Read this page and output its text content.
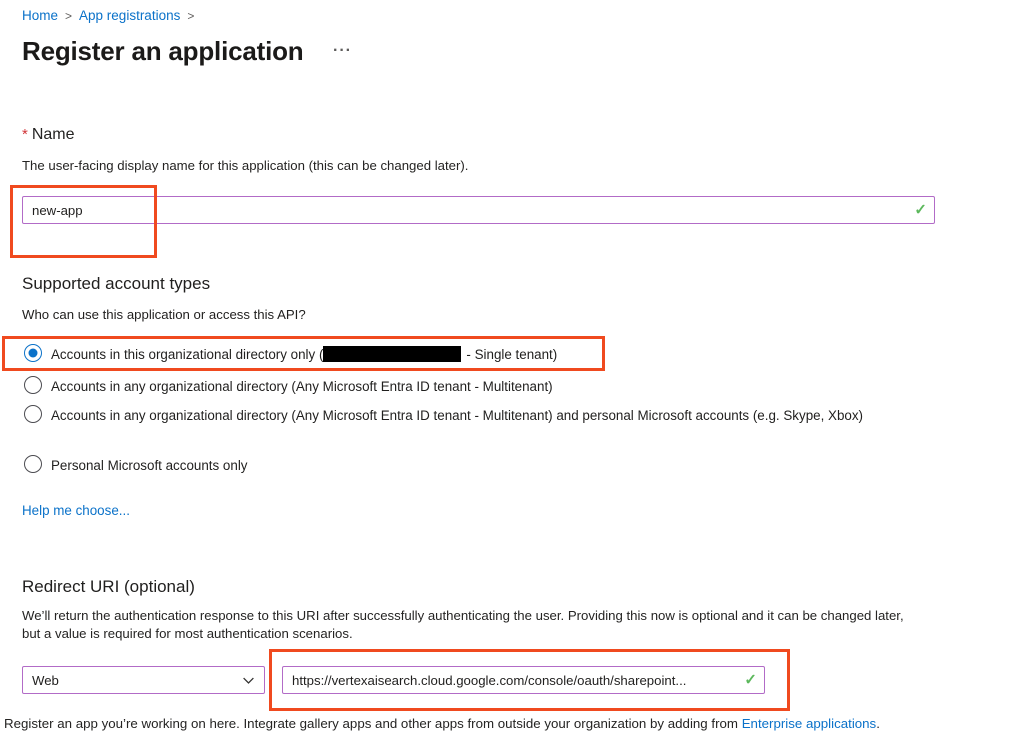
Home > App registrations >
Register an application ···
* Name
The user-facing display name for this application (this can be changed later).
new-app
✓
Supported account types
Who can use this application or access this API?
Accounts in this organizational directory only (	- Single tenant)
Accounts in any organizational directory (Any Microsoft Entra ID tenant - Multitenant)
Accounts in any organizational directory (Any Microsoft Entra ID tenant - Multitenant) and personal Microsoft accounts (e.g. Skype, Xbox)
Personal Microsoft accounts only
Help me choose...
Redirect URI (optional)
We’ll return the authentication response to this URI after successfully authenticating the user. Providing this now is optional and it can be changed later, but a value is required for most authentication scenarios.
Web
https://vertexaisearch.cloud.google.com/console/oauth/sharepoint...	✓
Register an app you’re working on here. Integrate gallery apps and other apps from outside your organization by adding from Enterprise applications.
